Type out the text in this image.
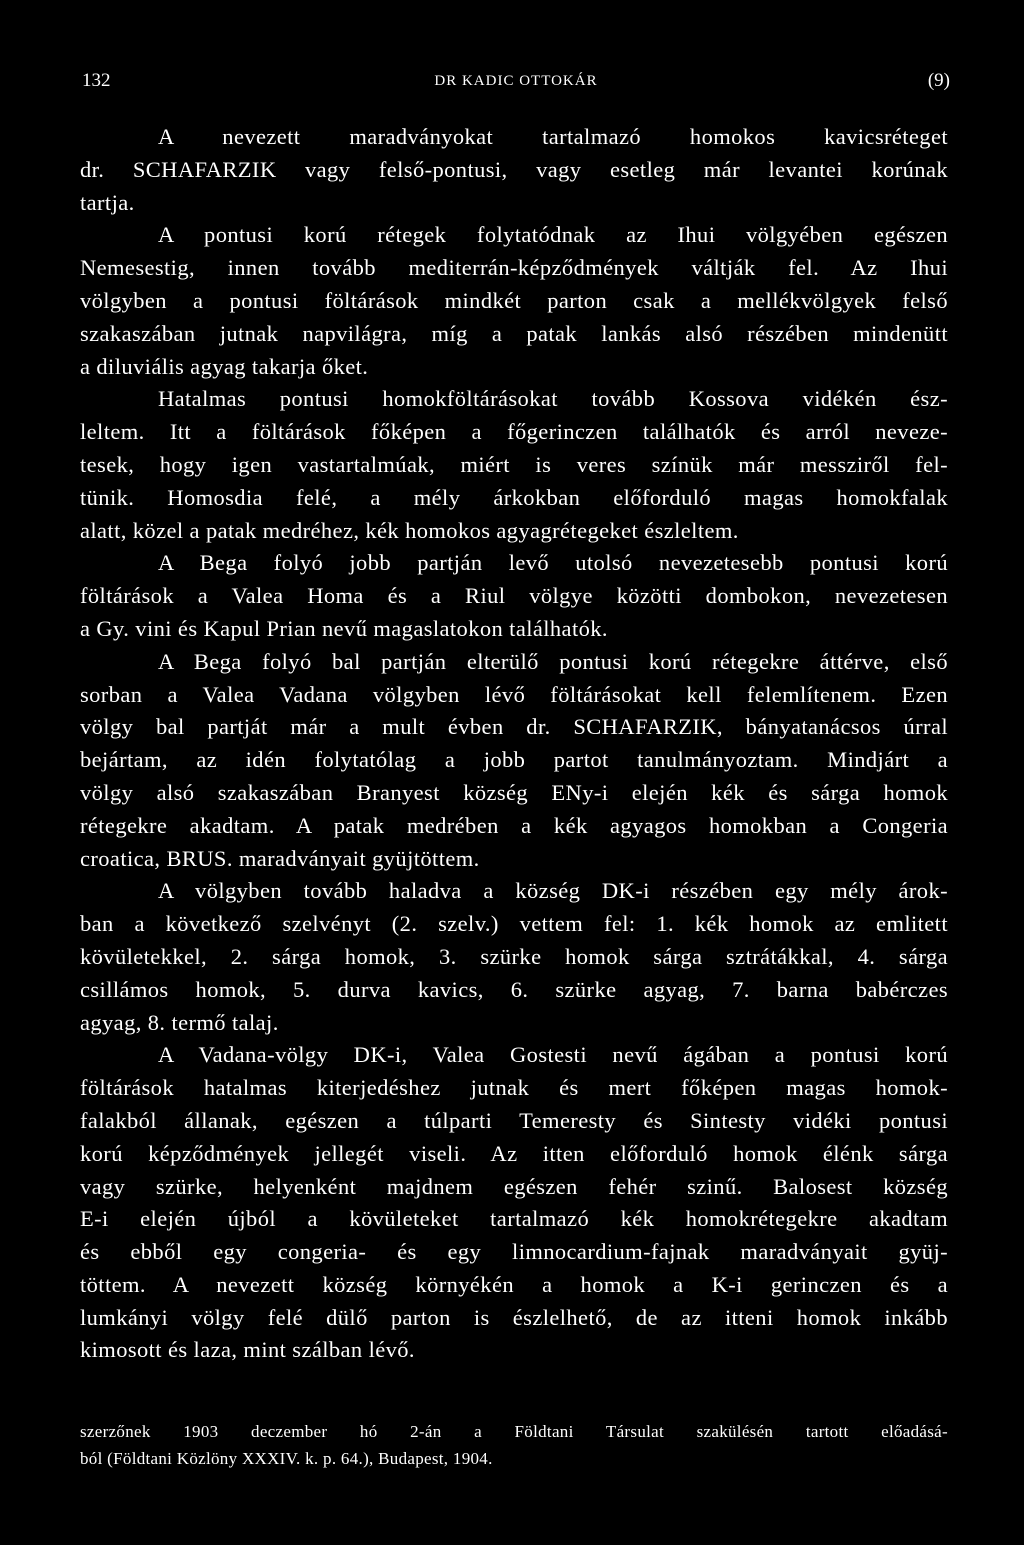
132	DR KADIC OTTOKÁR	(9)

A nevezett maradványokat tartalmazó homokos kavicsréteget
dr. SCHAFARZIK vagy felső-pontusi, vagy esetleg már levantei korúnak
tartja.

A pontusi korú rétegek folytatódnak az Ihui völgyében egészen
Nemesestig, innen tovább mediterrán-képződmények váltják fel. Az Ihui
völgyben a pontusi föltárások mindkét parton csak a mellékvölgyek felső
szakaszában jutnak napvilágra, míg a patak lankás alsó részében mindenütt
a diluviális agyag takarja őket.

Hatalmas pontusi homokföltárásokat tovább Kossova vidékén ész-
leltem. Itt a föltárások főképen a főgerinczen találhatók és arról neveze-
tesek, hogy igen vastartalmúak, miért is veres színük már messziről fel-
tünik. Homosdia felé, a mély árkokban előforduló magas homokfalak
alatt, közel a patak medréhez, kék homokos agyagrétegeket észleltem.

A Bega folyó jobb partján levő utolsó nevezetesebb pontusi korú
föltárások a Valea Homa és a Riul völgye közötti dombokon, nevezetesen
a Gy. vini és Kapul Prian nevű magaslatokon találhatók.

A Bega folyó bal partján elterülő pontusi korú rétegekre áttérve, első
sorban a Valea Vadana völgyben lévő föltárásokat kell felemlítenem. Ezen
völgy bal partját már a mult évben dr. SCHAFARZIK, bányatanácsos úrral
bejártam, az idén folytatólag a jobb partot tanulmányoztam. Mindjárt a
völgy alsó szakaszában Branyest község ENy-i elején kék és sárga homok
rétegekre akadtam. A patak medrében a kék agyagos homokban a Congeria
croatica, BRUS. maradványait gyüjtöttem.

A völgyben tovább haladva a község DK-i részében egy mély árok-
ban a következő szelvényt (2. szelv.) vettem fel: 1. kék homok az emlitett
kövületekkel, 2. sárga homok, 3. szürke homok sárga sztrátákkal, 4. sárga
csillámos homok, 5. durva kavics, 6. szürke agyag, 7. barna babérczes
agyag, 8. termő talaj.

A Vadana-völgy DK-i, Valea Gostesti nevű ágában a pontusi korú
föltárások hatalmas kiterjedéshez jutnak és mert főképen magas homok-
falakból állanak, egészen a túlparti Temeresty és Sintesty vidéki pontusi
korú képződmények jellegét viseli. Az itten előforduló homok élénk sárga
vagy szürke, helyenként majdnem egészen fehér szinű. Balosest község
E-i elején újból a kövületeket tartalmazó kék homokrétegekre akadtam
és ebből egy congeria- és egy limnocardium-fajnak maradványait gyüj-
töttem. A nevezett község környékén a homok a K-i gerinczen és a
lumkányi völgy felé dülő parton is észlelhető, de az itteni homok inkább
kimosott és laza, mint szálban lévő.

szerzőnek 1903 deczember hó 2-án a Földtani Társulat szakülésén tartott előadásá-
ból (Földtani Közlöny XXXIV. k. p. 64.), Budapest, 1904.
